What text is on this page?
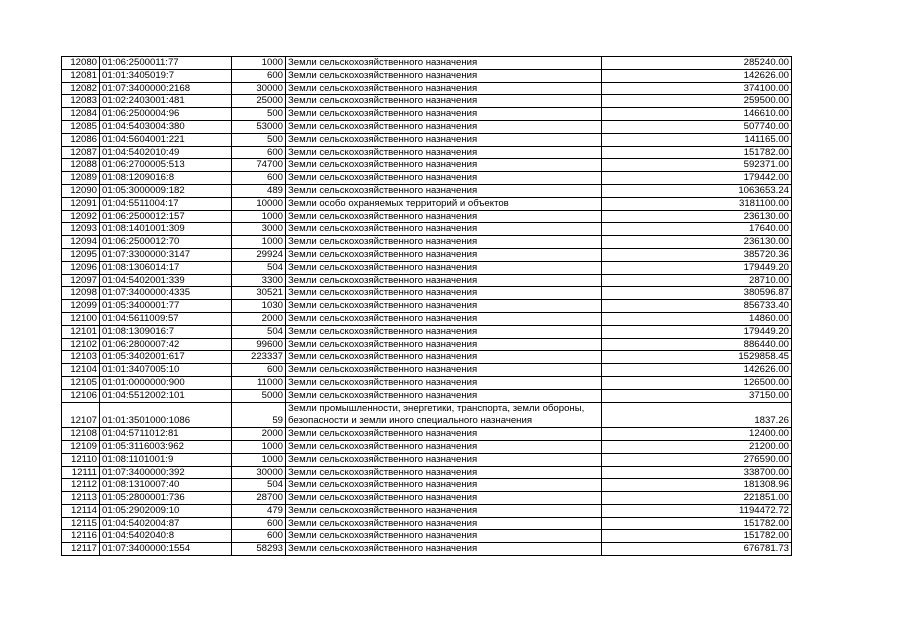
12080	01:06:2500011:77	1000	Земли сельскохозяйственного назначения	285240.00
12081	01:01:3405019:7	600	Земли сельскохозяйственного назначения	142626.00
12082	01:07:3400000:2168	30000	Земли сельскохозяйственного назначения	374100.00
12083	01:02:2403001:481	25000	Земли сельскохозяйственного назначения	259500.00
12084	01:06:2500004:96	500	Земли сельскохозяйственного назначения	146610.00
12085	01:04:5403004:380	53000	Земли сельскохозяйственного назначения	507740.00
12086	01:04:5604001:221	500	Земли сельскохозяйственного назначения	141165.00
12087	01:04:5402010:49	600	Земли сельскохозяйственного назначения	151782.00
12088	01:06:2700005:513	74700	Земли сельскохозяйственного назначения	592371.00
12089	01:08:1209016:8	600	Земли сельскохозяйственного назначения	179442.00
12090	01:05:3000009:182	489	Земли сельскохозяйственного назначения	1063653.24
12091	01:04:5511004:17	10000	Земли особо охраняемых территорий и объектов	3181100.00
12092	01:06:2500012:157	1000	Земли сельскохозяйственного назначения	236130.00
12093	01:08:1401001:309	3000	Земли сельскохозяйственного назначения	17640.00
12094	01:06:2500012:70	1000	Земли сельскохозяйственного назначения	236130.00
12095	01:07:3300000:3147	29924	Земли сельскохозяйственного назначения	385720.36
12096	01:08:1306014:17	504	Земли сельскохозяйственного назначения	179449.20
12097	01:04:5402001:339	3300	Земли сельскохозяйственного назначения	28710.00
12098	01:07:3400000:4335	30521	Земли сельскохозяйственного назначения	380596.87
12099	01:05:3400001:77	1030	Земли сельскохозяйственного назначения	856733.40
12100	01:04:5611009:57	2000	Земли сельскохозяйственного назначения	14860.00
12101	01:08:1309016:7	504	Земли сельскохозяйственного назначения	179449.20
12102	01:06:2800007:42	99600	Земли сельскохозяйственного назначения	886440.00
12103	01:05:3402001:617	223337	Земли сельскохозяйственного назначения	1529858.45
12104	01:01:3407005:10	600	Земли сельскохозяйственного назначения	142626.00
12105	01:01:0000000:900	11000	Земли сельскохозяйственного назначения	126500.00
12106	01:04:5512002:101	5000	Земли сельскохозяйственного назначения	37150.00
12107	01:01:3501000:1086	59	Земли промышленности, энергетики, транспорта, земли обороны, безопасности и земли иного специального назначения	1837.26
12108	01:04:5711012:81	2000	Земли сельскохозяйственного назначения	12400.00
12109	01:05:3116003:962	1000	Земли сельскохозяйственного назначения	21200.00
12110	01:08:1101001:9	1000	Земли сельскохозяйственного назначения	276590.00
12111	01:07:3400000:392	30000	Земли сельскохозяйственного назначения	338700.00
12112	01:08:1310007:40	504	Земли сельскохозяйственного назначения	181308.96
12113	01:05:2800001:736	28700	Земли сельскохозяйственного назначения	221851.00
12114	01:05:2902009:10	479	Земли сельскохозяйственного назначения	1194472.72
12115	01:04:5402004:87	600	Земли сельскохозяйственного назначения	151782.00
12116	01:04:5402040:8	600	Земли сельскохозяйственного назначения	151782.00
12117	01:07:3400000:1554	58293	Земли сельскохозяйственного назначения	676781.73
